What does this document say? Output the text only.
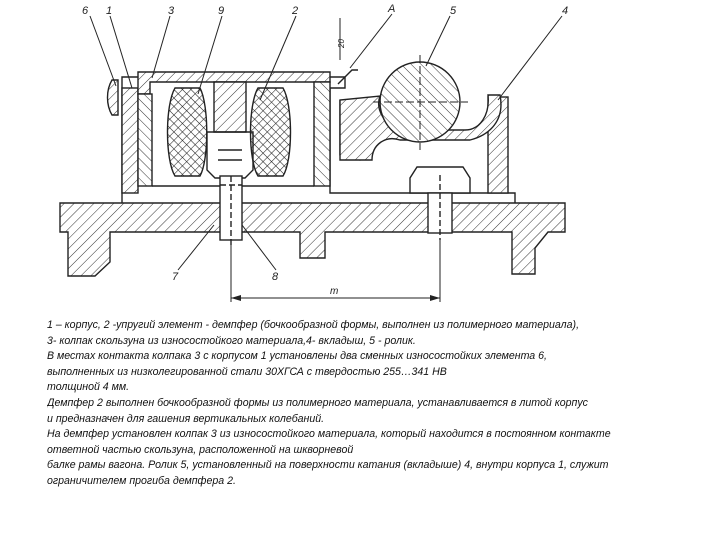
6 1	3	9	2	А	5	4
7	8
m
20
1 – корпус, 2 -упругий элемент - демпфер (бочкообразной формы, выполнен из полимерного материала),
3- колпак скользуна из износостойкого материала,4- вкладыш, 5 - ролик.
В местах контакта колпака 3 с корпусом 1 установлены два сменных износостойких элемента 6,
выполненных из низколегированной стали 30ХГСА с твердостью 255…341 НВ
толщиной 4 мм.
Демпфер 2 выполнен бочкообразной формы из полимерного материала, устанавливается в литой корпус
и предназначен для гашения вертикальных колебаний.
На демпфер установлен колпак 3 из износостойкого материала, который находится в постоянном контакте
ответной частью скользуна, расположенной на шкворневой
балке рамы вагона. Ролик 5, установленный на поверхности катания (вкладыше) 4, внутри корпуса 1, служит
ограничителем прогиба демпфера 2.
